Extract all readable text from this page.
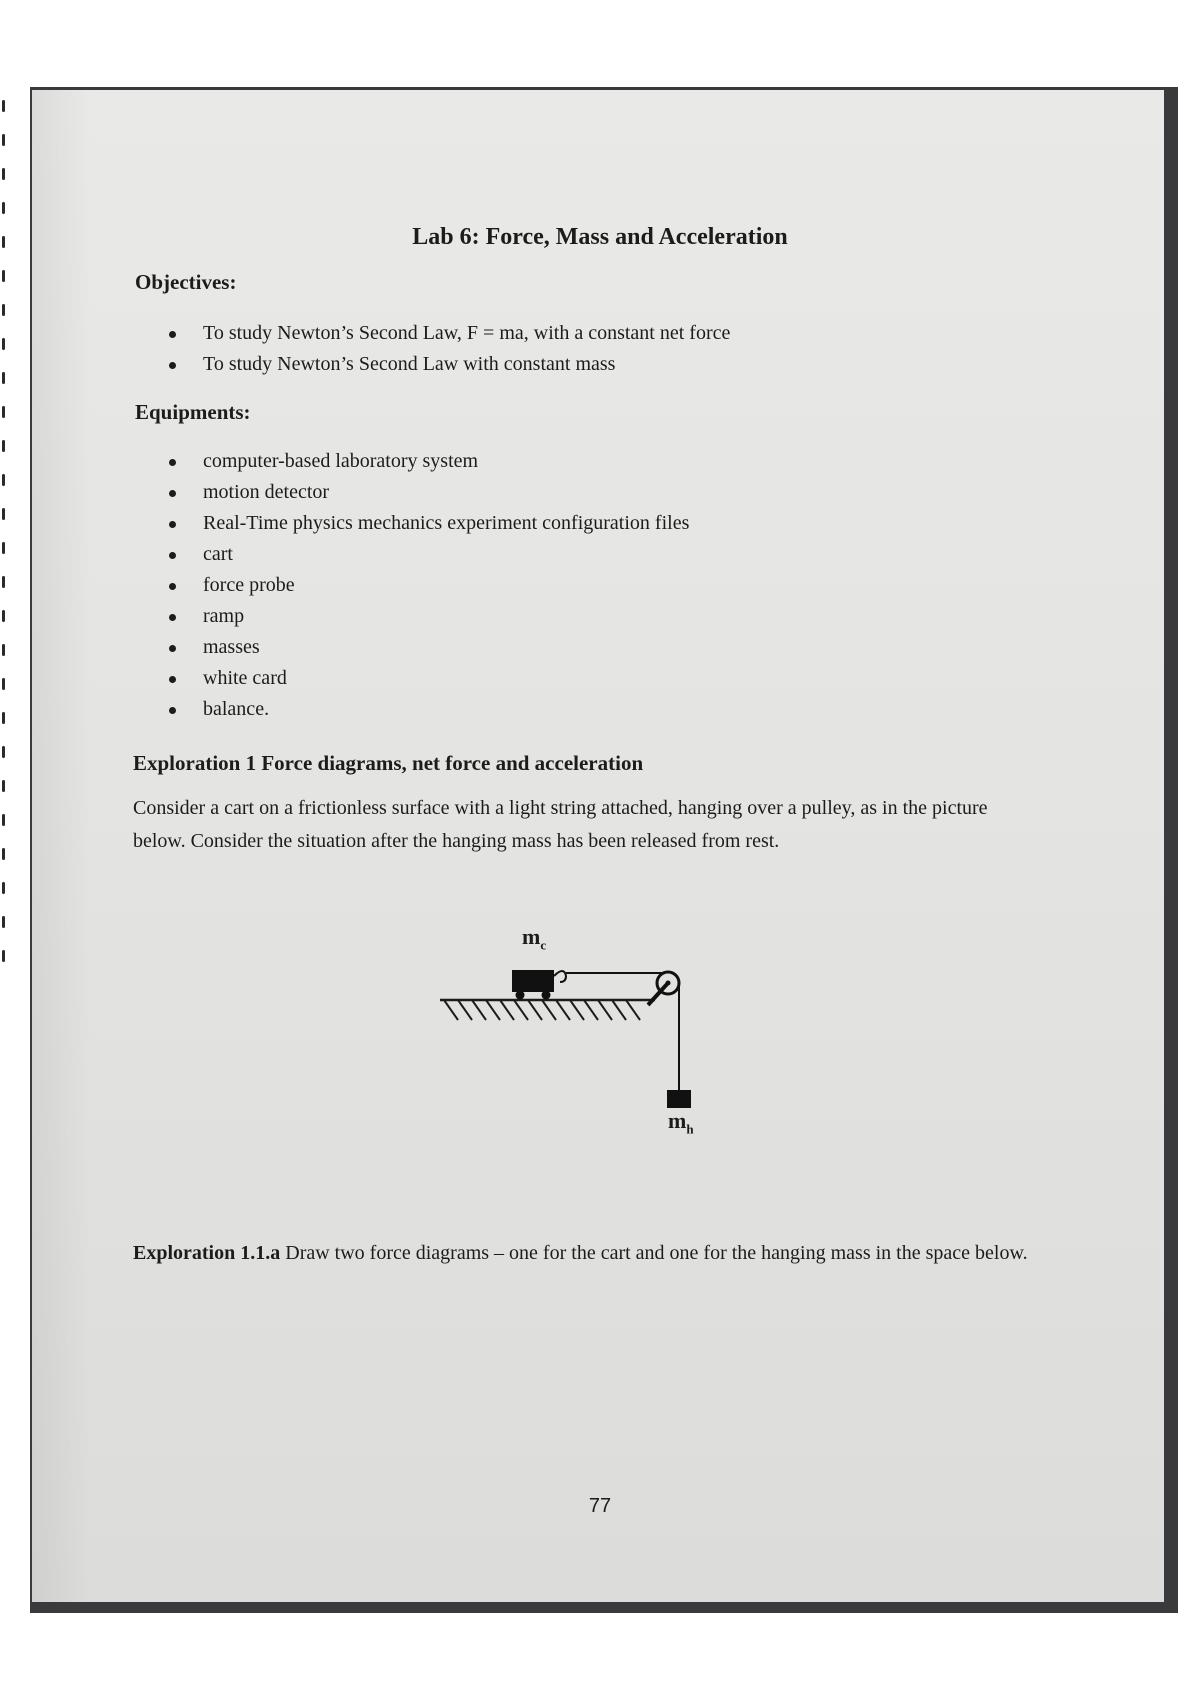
Lab 6: Force, Mass and Acceleration
Objectives:
To study Newton’s Second Law, F = ma, with a constant net force
To study Newton’s Second Law with constant mass
Equipments:
computer-based laboratory system
motion detector
Real-Time physics mechanics experiment configuration files
cart
force probe
ramp
masses
white card
balance.
Exploration 1 Force diagrams, net force and acceleration
Consider a cart on a frictionless surface with a light string attached, hanging over a pulley, as in the picture below. Consider the situation after the hanging mass has been released from rest.
$m_c$
$m_h$
Exploration 1.1.a Draw two force diagrams – one for the cart and one for the hanging mass in the space below.
77
